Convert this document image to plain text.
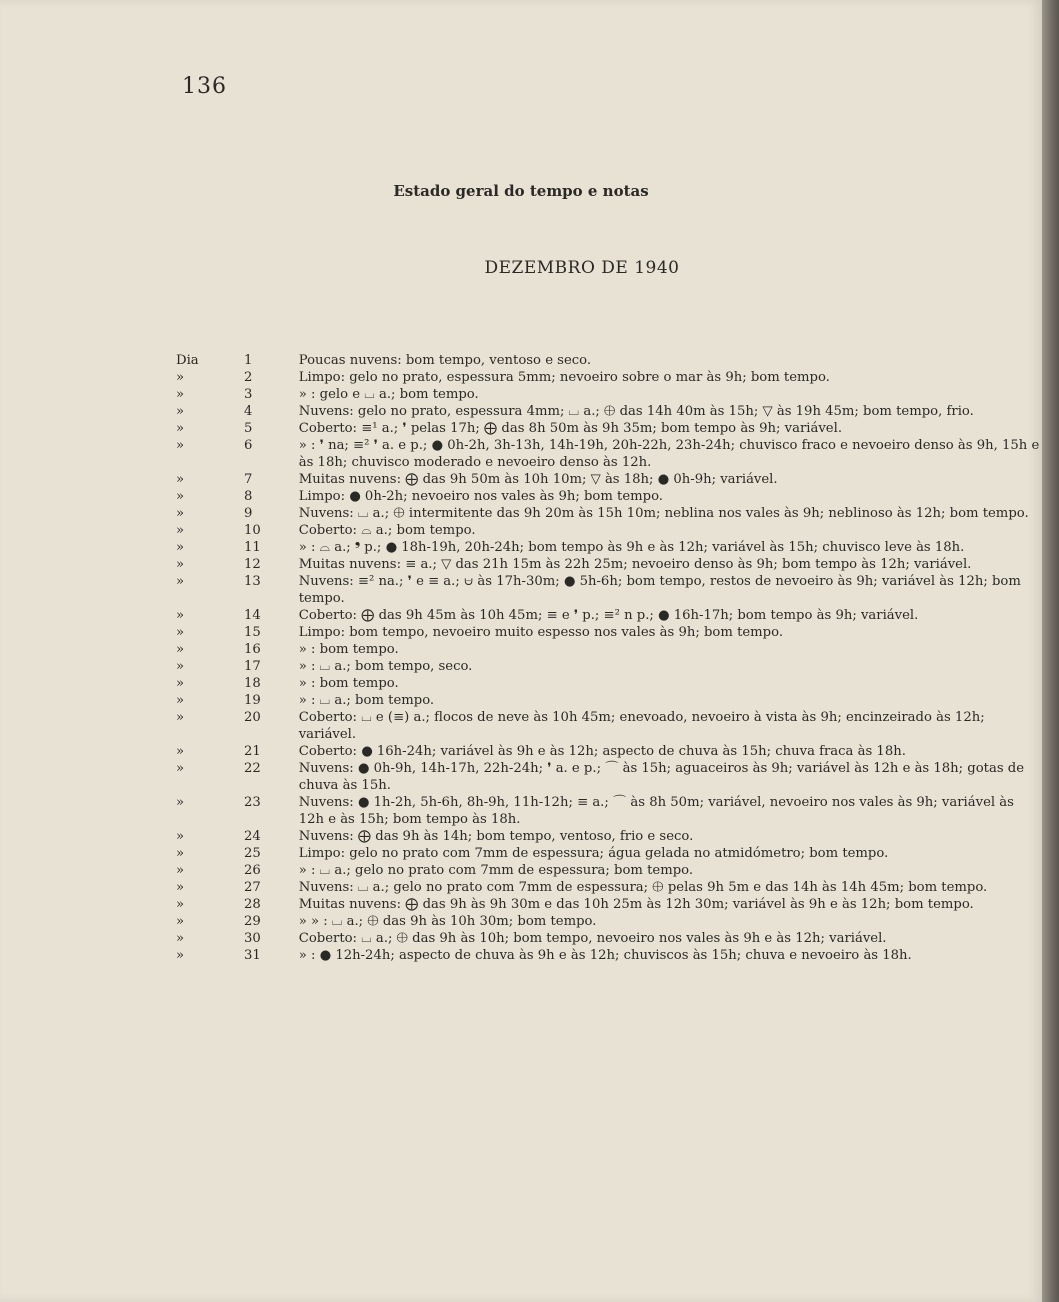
136
Estado geral do tempo e notas
DEZEMBRO DE 1940
Dia	1	Poucas nuvens: bom tempo, ventoso e seco.
»	2	Limpo: gelo no prato, espessura 5mm; nevoeiro sobre o mar às 9h; bom tempo.
»	3	» : gelo e ⌴ a.; bom tempo.
»	4	Nuvens: gelo no prato, espessura 4mm; ⌴ a.; ⨁ das 14h 40m às 15h; ▽ às 19h 45m; bom tempo, frio.
»	5	Coberto: ≡¹ a.; ❜ pelas 17h; ⨁ das 8h 50m às 9h 35m; bom tempo às 9h; variável.
»	6	» : ❜ na; ≡² ❜ a. e p.; ● 0h-2h, 3h-13h, 14h-19h, 20h-22h, 23h-24h; chuvisco fraco e nevoeiro denso às 9h, 15h e às 18h; chuvisco moderado e nevoeiro denso às 12h.
»	7	Muitas nuvens: ⨁ das 9h 50m às 10h 10m; ▽ às 18h; ● 0h-9h; variável.
»	8	Limpo: ● 0h-2h; nevoeiro nos vales às 9h; bom tempo.
»	9	Nuvens: ⌴ a.; ⨁ intermitente das 9h 20m às 15h 10m; neblina nos vales às 9h; neblinoso às 12h; bom tempo.
»	10	Coberto: ⌓ a.; bom tempo.
»	11	» : ⌓ a.; ❜ p.; ● 18h-19h, 20h-24h; bom tempo às 9h e às 12h; variável às 15h; chuvisco leve às 18h.
»	12	Muitas nuvens: ≡ a.; ▽ das 21h 15m às 22h 25m; nevoeiro denso às 9h; bom tempo às 12h; variável.
»	13	Nuvens: ≡² na.; ❜ e ≡ a.; ⩁ às 17h-30m; ● 5h-6h; bom tempo, restos de nevoeiro às 9h; variável às 12h; bom tempo.
»	14	Coberto: ⨁ das 9h 45m às 10h 45m; ≡ e ❜ p.; ≡² n p.; ● 16h-17h; bom tempo às 9h; variável.
»	15	Limpo: bom tempo, nevoeiro muito espesso nos vales às 9h; bom tempo.
»	16	» : bom tempo.
»	17	» : ⌴ a.; bom tempo, seco.
»	18	» : bom tempo.
»	19	» : ⌴ a.; bom tempo.
»	20	Coberto: ⌴ e (≡) a.; flocos de neve às 10h 45m; enevoado, nevoeiro à vista às 9h; encinzeirado às 12h; variável.
»	21	Coberto: ● 16h-24h; variável às 9h e às 12h; aspecto de chuva às 15h; chuva fraca às 18h.
»	22	Nuvens: ● 0h-9h, 14h-17h, 22h-24h; ❜ a. e p.; ⌒ às 15h; aguaceiros às 9h; variável às 12h e às 18h; gotas de chuva às 15h.
»	23	Nuvens: ● 1h-2h, 5h-6h, 8h-9h, 11h-12h; ≡ a.; ⌒ às 8h 50m; variável, nevoeiro nos vales às 9h; variável às 12h e às 15h; bom tempo às 18h.
»	24	Nuvens: ⨁ das 9h às 14h; bom tempo, ventoso, frio e seco.
»	25	Limpo: gelo no prato com 7mm de espessura; água gelada no atmidómetro; bom tempo.
»	26	» : ⌴ a.; gelo no prato com 7mm de espessura; bom tempo.
»	27	Nuvens: ⌴ a.; gelo no prato com 7mm de espessura; ⨁ pelas 9h 5m e das 14h às 14h 45m; bom tempo.
»	28	Muitas nuvens: ⨁ das 9h às 9h 30m e das 10h 25m às 12h 30m; variável às 9h e às 12h; bom tempo.
»	29	» » : ⌴ a.; ⨁ das 9h às 10h 30m; bom tempo.
»	30	Coberto: ⌴ a.; ⨁ das 9h às 10h; bom tempo, nevoeiro nos vales às 9h e às 12h; variável.
»	31	» : ● 12h-24h; aspecto de chuva às 9h e às 12h; chuviscos às 15h; chuva e nevoeiro às 18h.
